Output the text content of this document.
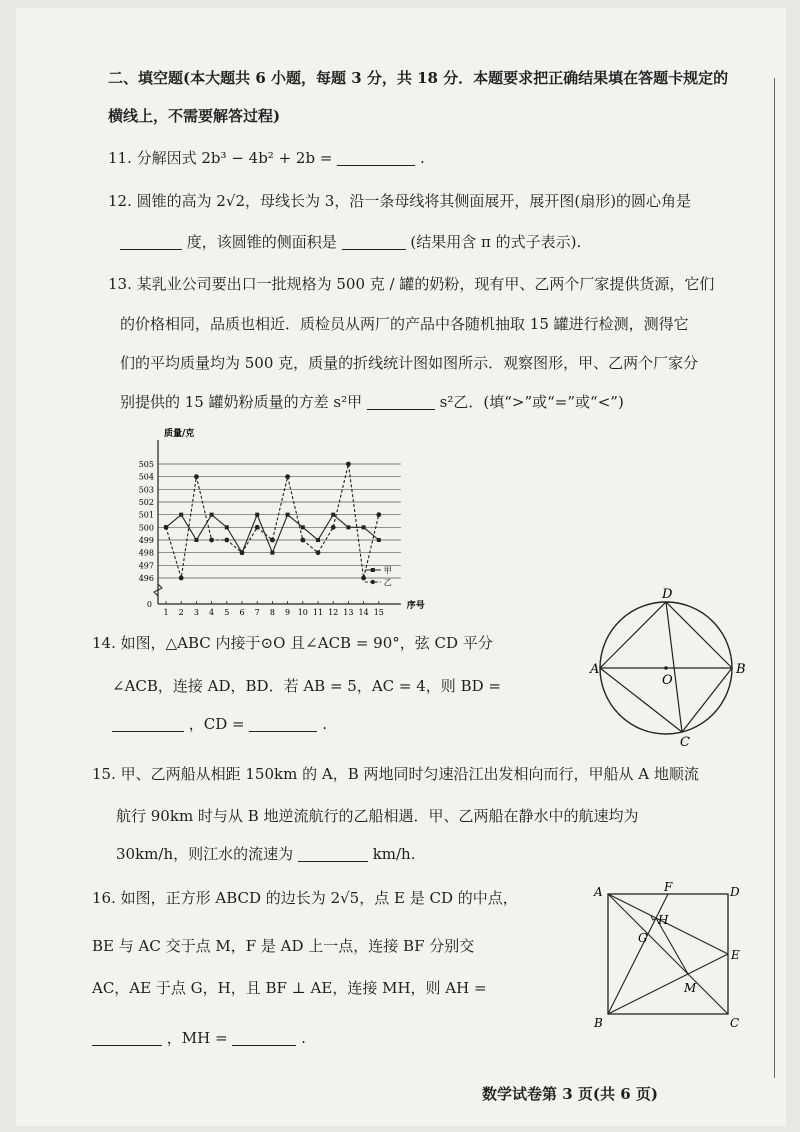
二、填空题(本大题共 6 小题，每题 3 分，共 18 分．本题要求把正确结果填在答题卡规定的
横线上，不需要解答过程)
11. 分解因式 2b³ − 4b² + 2b =	.
12. 圆锥的高为 2√2，母线长为 3，沿一条母线将其侧面展开，展开图(扇形)的圆心角是
度，该圆锥的侧面积是	(结果用含 π 的式子表示).
13. 某乳业公司要出口一批规格为 500 克 / 罐的奶粉，现有甲、乙两个厂家提供货源，它们
的价格相同，品质也相近．质检员从两厂的产品中各随机抽取 15 罐进行检测，测得它
们的平均质量均为 500 克，质量的折线统计图如图所示．观察图形，甲、乙两个厂家分
别提供的 15 罐奶粉质量的方差 s²甲	s²乙．(填“>”或“=”或“<”)
496
497
498
499
500
501
502
503
504
505
0
1 2 3 4 5 6 7 8 9 10 11 12 13 14 15
质量/克
序号
甲
乙
14. 如图，△ABC 内接于⊙O 且∠ACB = 90°，弦 CD 平分
∠ACB，连接 AD，BD．若 AB = 5，AC = 4，则 BD =
，CD =	.
A	B
C
D
O
15. 甲、乙两船从相距 150km 的 A，B 两地同时匀速沿江出发相向而行，甲船从 A 地顺流
航行 90km 时与从 B 地逆流航行的乙船相遇．甲、乙两船在静水中的航速均为
30km/h，则江水的流速为	km/h.
16. 如图，正方形 ABCD 的边长为 2√5，点 E 是 CD 的中点，
BE 与 AC 交于点 M，F 是 AD 上一点，连接 BF 分别交
AC，AE 于点 G，H，且 BF ⊥ AE，连接 MH，则 AH =
，MH =	.
A
B	C
D
E
F
G
H
M
数学试卷第 3 页(共 6 页)
